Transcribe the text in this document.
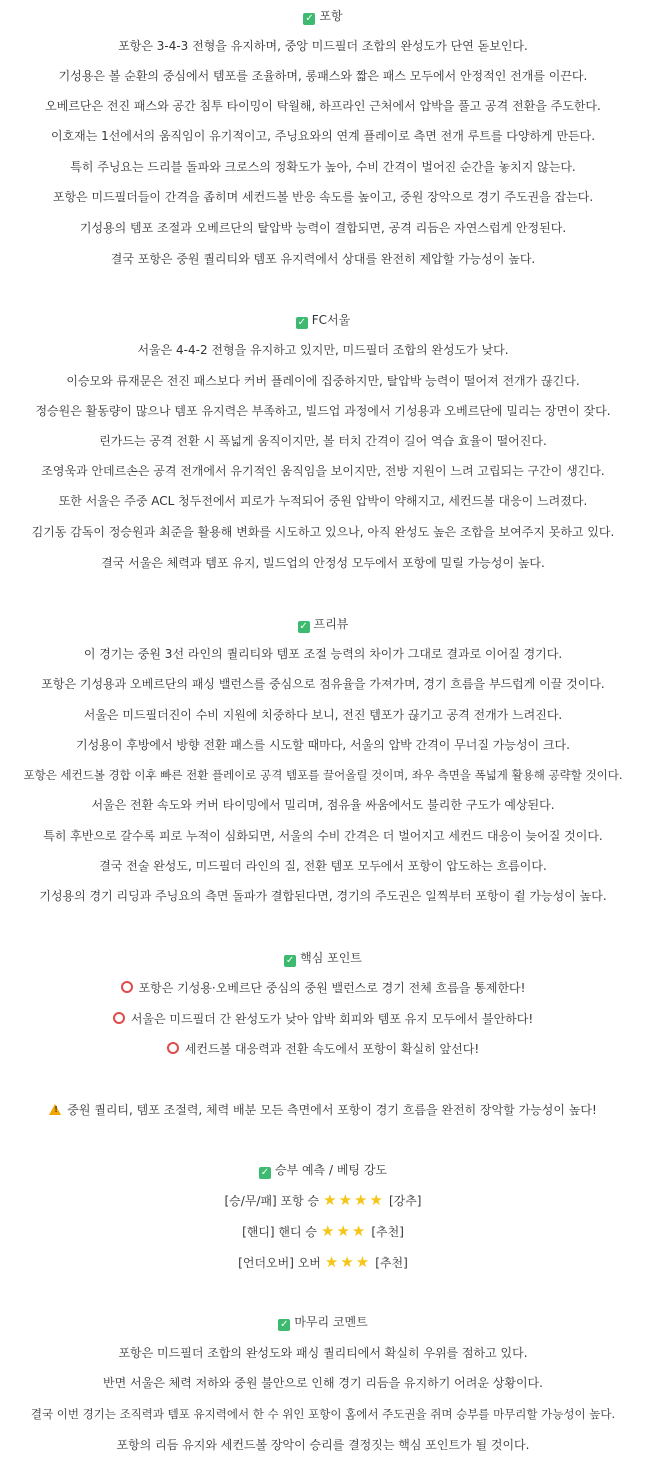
✓ 포항
포항은 3-4-3 전형을 유지하며, 중앙 미드필더 조합의 완성도가 단연 돋보인다.
기성용은 볼 순환의 중심에서 템포를 조율하며, 롱패스와 짧은 패스 모두에서 안정적인 전개를 이끈다.
오베르단은 전진 패스와 공간 침투 타이밍이 탁월해, 하프라인 근처에서 압박을 풀고 공격 전환을 주도한다.
이호재는 1선에서의 움직임이 유기적이고, 주닝요와의 연계 플레이로 측면 전개 루트를 다양하게 만든다.
특히 주닝요는 드리블 돌파와 크로스의 정확도가 높아, 수비 간격이 벌어진 순간을 놓치지 않는다.
포항은 미드필더들이 간격을 좁히며 세컨드볼 반응 속도를 높이고, 중원 장악으로 경기 주도권을 잡는다.
기성용의 템포 조절과 오베르단의 탈압박 능력이 결합되면, 공격 리듬은 자연스럽게 안정된다.
결국 포항은 중원 퀄리티와 템포 유지력에서 상대를 완전히 제압할 가능성이 높다.
✓ FC서울
서울은 4-4-2 전형을 유지하고 있지만, 미드필더 조합의 완성도가 낮다.
이승모와 류재문은 전진 패스보다 커버 플레이에 집중하지만, 탈압박 능력이 떨어져 전개가 끊긴다.
정승원은 활동량이 많으나 템포 유지력은 부족하고, 빌드업 과정에서 기성용과 오베르단에 밀리는 장면이 잦다.
린가드는 공격 전환 시 폭넓게 움직이지만, 볼 터치 간격이 길어 역습 효율이 떨어진다.
조영욱과 안데르손은 공격 전개에서 유기적인 움직임을 보이지만, 전방 지원이 느려 고립되는 구간이 생긴다.
또한 서울은 주중 ACL 청두전에서 피로가 누적되어 중원 압박이 약해지고, 세컨드볼 대응이 느려졌다.
김기동 감독이 정승원과 최준을 활용해 변화를 시도하고 있으나, 아직 완성도 높은 조합을 보여주지 못하고 있다.
결국 서울은 체력과 템포 유지, 빌드업의 안정성 모두에서 포항에 밀릴 가능성이 높다.
✓ 프리뷰
이 경기는 중원 3선 라인의 퀄리티와 템포 조절 능력의 차이가 그대로 결과로 이어질 경기다.
포항은 기성용과 오베르단의 패싱 밸런스를 중심으로 점유율을 가져가며, 경기 흐름을 부드럽게 이끌 것이다.
서울은 미드필더진이 수비 지원에 치중하다 보니, 전진 템포가 끊기고 공격 전개가 느려진다.
기성용이 후방에서 방향 전환 패스를 시도할 때마다, 서울의 압박 간격이 무너질 가능성이 크다.
포항은 세컨드볼 경합 이후 빠른 전환 플레이로 공격 템포를 끌어올릴 것이며, 좌우 측면을 폭넓게 활용해 공략할 것이다.
서울은 전환 속도와 커버 타이밍에서 밀리며, 점유율 싸움에서도 불리한 구도가 예상된다.
특히 후반으로 갈수록 피로 누적이 심화되면, 서울의 수비 간격은 더 벌어지고 세컨드 대응이 늦어질 것이다.
결국 전술 완성도, 미드필더 라인의 질, 전환 템포 모두에서 포항이 압도하는 흐름이다.
기성용의 경기 리딩과 주닝요의 측면 돌파가 결합된다면, 경기의 주도권은 일찍부터 포항이 쥘 가능성이 높다.
✓ 핵심 포인트
포항은 기성용·오베르단 중심의 중원 밸런스로 경기 전체 흐름을 통제한다!
서울은 미드필더 간 완성도가 낮아 압박 회피와 템포 유지 모두에서 불안하다!
세컨드볼 대응력과 전환 속도에서 포항이 확실히 앞선다!
! 중원 퀄리티, 템포 조절력, 체력 배분 모든 측면에서 포항이 경기 흐름을 완전히 장악할 가능성이 높다!
✓ 승부 예측 / 베팅 강도
[승/무/패] 포항 승 ★★★★ [강추]
[핸디] 핸디 승 ★★★ [추천]
[언더오버] 오버 ★★★ [추천]
✓ 마무리 코멘트
포항은 미드필더 조합의 완성도와 패싱 퀄리티에서 확실히 우위를 점하고 있다.
반면 서울은 체력 저하와 중원 불안으로 인해 경기 리듬을 유지하기 어려운 상황이다.
결국 이번 경기는 조직력과 템포 유지력에서 한 수 위인 포항이 홈에서 주도권을 쥐며 승부를 마무리할 가능성이 높다.
포항의 리듬 유지와 세컨드볼 장악이 승리를 결정짓는 핵심 포인트가 될 것이다.
